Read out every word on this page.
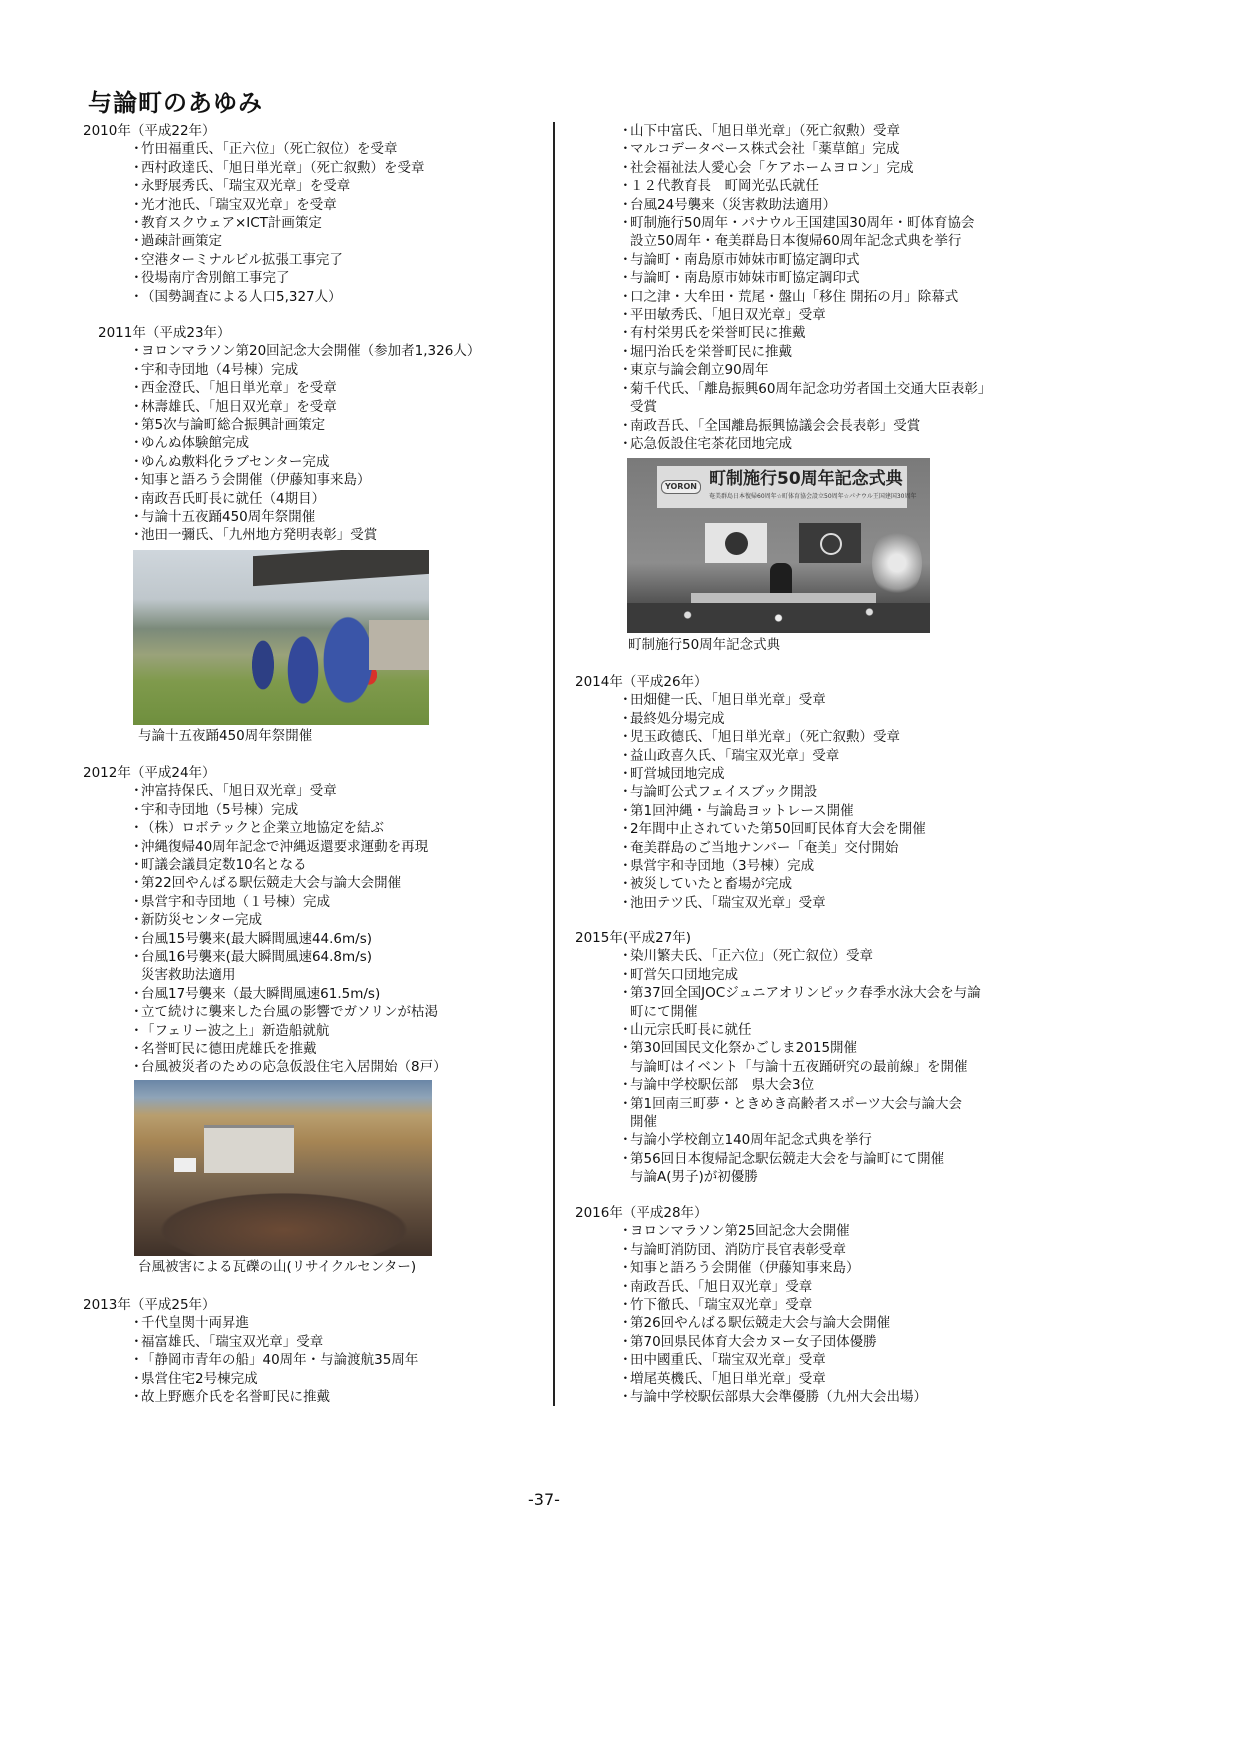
与論町のあゆみ
2010年（平成22年）
･ 竹田福重氏、「正六位」（死亡叙位）を受章
･ 西村政達氏、「旭日単光章」（死亡叙勲）を受章
･ 永野展秀氏、「瑞宝双光章」を受章
･ 光才池氏、「瑞宝双光章」を受章
･ 教育スクウェア×ICT計画策定
･ 過疎計画策定
･ 空港ターミナルビル拡張工事完了
･ 役場南庁舎別館工事完了
･ （国勢調査による人口5,327人）
2011年（平成23年）
･ ヨロンマラソン第20回記念大会開催（参加者1,326人）
･ 宇和寺団地（4号棟）完成
･ 西金澄氏、「旭日単光章」を受章
･ 林壽雄氏、「旭日双光章」を受章
･ 第5次与論町総合振興計画策定
･ ゆんぬ体験館完成
･ ゆんぬ敷料化ラブセンター完成
･ 知事と語ろう会開催（伊藤知事来島）
･ 南政吾氏町長に就任（4期目）
･ 与論十五夜踊450周年祭開催
･ 池田一彌氏、「九州地方発明表彰」受賞
2012年（平成24年）
･ 沖富持保氏、「旭日双光章」受章
･ 宇和寺団地（5号棟）完成
･ （株）ロボテックと企業立地協定を結ぶ
･ 沖縄復帰40周年記念で沖縄返還要求運動を再現
･ 町議会議員定数10名となる
･ 第22回やんばる駅伝競走大会与論大会開催
･ 県営宇和寺団地（１号棟）完成
･ 新防災センター完成
･ 台風15号襲来(最大瞬間風速44.6m/s)
･ 台風16号襲来(最大瞬間風速64.8m/s)
災害救助法適用
･ 台風17号襲来（最大瞬間風速61.5m/s)
･ 立て続けに襲来した台風の影響でガソリンが枯渇
･ 「フェリー波之上」新造船就航
･ 名誉町民に德田虎雄氏を推戴
･ 台風被災者のための応急仮設住宅入居開始（8戸）
2013年（平成25年）
･ 千代皇関十両昇進
･ 福富雄氏、「瑞宝双光章」受章
･ 「静岡市青年の船」40周年・与論渡航35周年
･ 県営住宅2号棟完成
･ 故上野應介氏を名誉町民に推戴
･ 山下中富氏、「旭日単光章」（死亡叙勲）受章
･ マルコデータベース株式会社「薬草館」完成
･ 社会福祉法人愛心会「ケアホームヨロン」完成
･ １２代教育長　町岡光弘氏就任
･ 台風24号襲来（災害救助法適用）
･ 町制施行50周年・パナウル王国建国30周年・町体育協会
設立50周年・奄美群島日本復帰60周年記念式典を挙行
･ 与論町・南島原市姉妹市町協定調印式
･ 与論町・南島原市姉妹市町協定調印式
･ 口之津・大牟田・荒尾・盤山「移住 開拓の月」除幕式
･ 平田敏秀氏、「旭日双光章」受章
･ 有村栄男氏を栄誉町民に推戴
･ 堀円治氏を栄誉町民に推戴
･ 東京与論会創立90周年
･ 菊千代氏、「離島振興60周年記念功労者国土交通大臣表彰」
受賞
･ 南政吾氏、「全国離島振興協議会会長表彰」受賞
･ 応急仮設住宅茶花団地完成
2014年（平成26年）
･ 田畑健一氏、「旭日単光章」受章
･ 最終処分場完成
･ 児玉政德氏、「旭日単光章」（死亡叙勲）受章
･ 益山政喜久氏、「瑞宝双光章」受章
･ 町営城団地完成
･ 与論町公式フェイスブック開設
･ 第1回沖縄・与論島ヨットレース開催
･ 2年間中止されていた第50回町民体育大会を開催
･ 奄美群島のご当地ナンバー「奄美」交付開始
･ 県営宇和寺団地（3号棟）完成
･ 被災していたと畜場が完成
･ 池田テツ氏、「瑞宝双光章」受章
2015年(平成27年)
･ 染川繁夫氏、「正六位」（死亡叙位）受章
･ 町営矢口団地完成
･ 第37回全国JOCジュニアオリンピック春季水泳大会を与論
町にて開催
･ 山元宗氏町長に就任
･ 第30回国民文化祭かごしま2015開催
与論町はイベント「与論十五夜踊研究の最前線」を開催
･ 与論中学校駅伝部　県大会3位
･ 第1回南三町夢・ときめき高齢者スポーツ大会与論大会
開催
･ 与論小学校創立140周年記念式典を挙行
･ 第56回日本復帰記念駅伝競走大会を与論町にて開催
与論A(男子)が初優勝
2016年（平成28年）
･ ヨロンマラソン第25回記念大会開催
･ 与論町消防団、消防庁長官表彰受章
･ 知事と語ろう会開催（伊藤知事来島）
･ 南政吾氏、「旭日双光章」受章
･ 竹下徹氏、「瑞宝双光章」受章
･ 第26回やんばる駅伝競走大会与論大会開催
･ 第70回県民体育大会カヌー女子団体優勝
･ 田中國重氏、「瑞宝双光章」受章
･ 増尾英機氏、「旭日単光章」受章
･ 与論中学校駅伝部県大会準優勝（九州大会出場）
与論十五夜踊450周年祭開催
台風被害による瓦礫の山(リサイクルセンター)
YORON 町制施行50周年記念式典
奄美群島日本復帰60周年☆町体育協会設立50周年☆パナウル王国建国30周年
町制施行50周年記念式典
-37-
